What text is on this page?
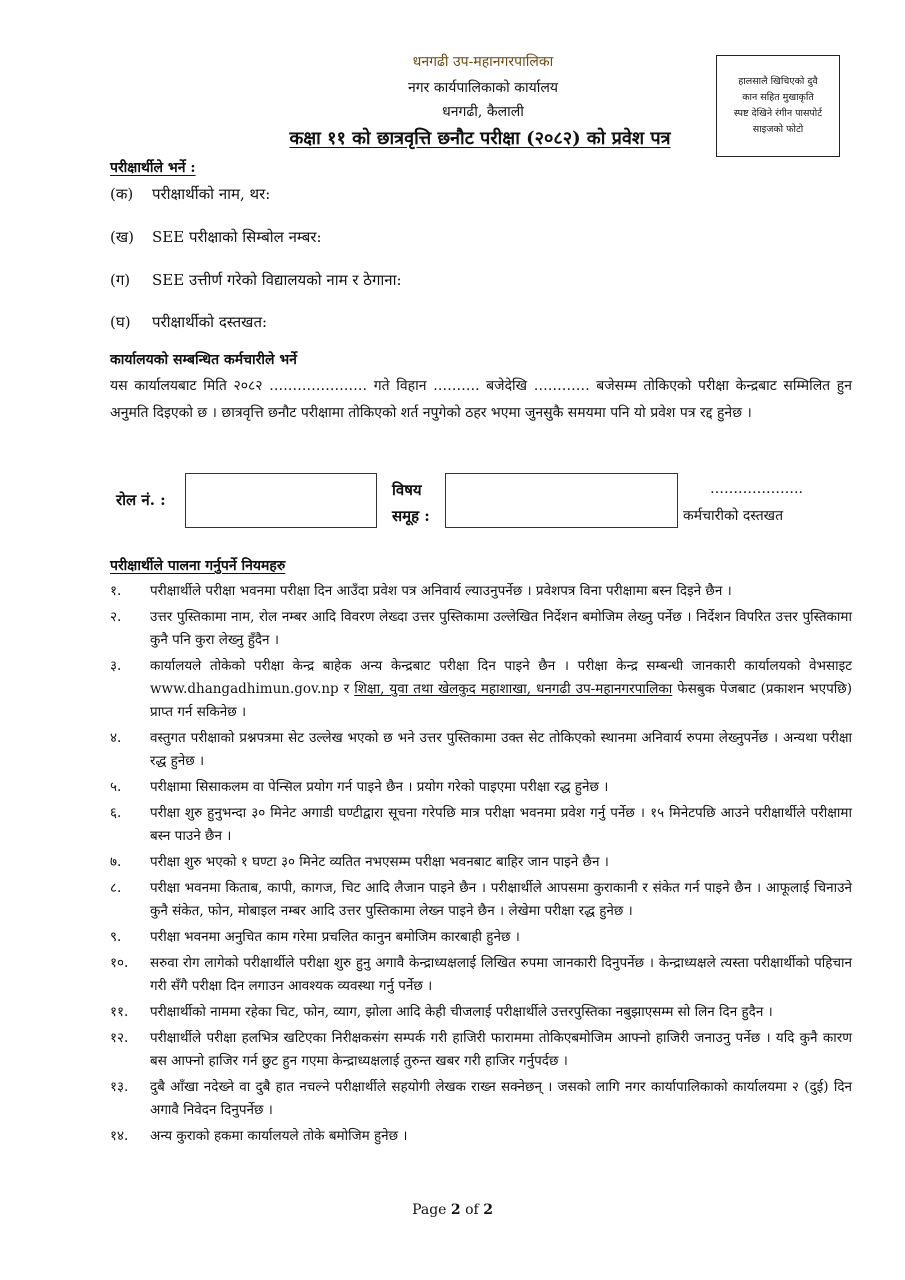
धनगढी उप-महानगरपालिका
नगर कार्यपालिकाको कार्यालय
धनगढी, कैलाली
कक्षा ११ को छात्रवृत्ति छनौट परीक्षा (२०८२) को प्रवेश पत्र
हालसालै खिचिएको दुवै
कान सहित मुखाकृति
स्पष्ट देखिने रंगीन पासपोर्ट
साइजको फोटो
परीक्षार्थीले भर्ने :
(क) परीक्षार्थीको नाम, थर:
(ख) SEE परीक्षाको सिम्बोल नम्बर:
(ग) SEE उत्तीर्ण गरेको विद्यालयको नाम र ठेगाना:
(घ) परीक्षार्थीको दस्तखत:
कार्यालयको सम्बन्धित कर्मचारीले भर्ने
यस कार्यालयबाट मिति २०८२ ………………… गते विहान ………. बजेदेखि ………… बजेसम्म तोकिएको परीक्षा केन्द्रबाट सम्मिलित हुन अनुमति दिइएको छ । छात्रवृत्ति छनौट परीक्षामा तोकिएको शर्त नपुगेको ठहर भएमा जुनसुकै समयमा पनि यो प्रवेश पत्र रद्द हुनेछ ।
रोल नं. :
विषय
समूह :
………………..
कर्मचारीको दस्तखत
परीक्षार्थीले पालना गर्नुपर्ने नियमहरु
१.	परीक्षार्थीले परीक्षा भवनमा परीक्षा दिन आउँदा प्रवेश पत्र अनिवार्य ल्याउनुपर्नेछ । प्रवेशपत्र विना परीक्षामा बस्न दिइने छैन ।
२.	उत्तर पुस्तिकामा नाम, रोल नम्बर आदि विवरण लेख्दा उत्तर पुस्तिकामा उल्लेखित निर्देशन बमोजिम लेख्नु पर्नेछ । निर्देशन विपरित उत्तर पुस्तिकामा कुनै पनि कुरा लेख्नु हुँदैन ।
३.	कार्यालयले तोकेको परीक्षा केन्द्र बाहेक अन्य केन्द्रबाट परीक्षा दिन पाइने छैन । परीक्षा केन्द्र सम्बन्धी जानकारी कार्यालयको वेभसाइट www.dhangadhimun.gov.np र शिक्षा, युवा तथा खेलकुद महाशाखा, धनगढी उप-महानगरपालिका फेसबुक पेजबाट (प्रकाशन भएपछि) प्राप्त गर्न सकिनेछ ।
४.	वस्तुगत परीक्षाको प्रश्नपत्रमा सेट उल्लेख भएको छ भने उत्तर पुस्तिकामा उक्त सेट तोकिएको स्थानमा अनिवार्य रुपमा लेख्नुपर्नेछ । अन्यथा परीक्षा रद्ध हुनेछ ।
५.	परीक्षामा सिसाकलम वा पेन्सिल प्रयोग गर्न पाइने छैन । प्रयोग गरेको पाइएमा परीक्षा रद्ध हुनेछ ।
६.	परीक्षा शुरु हुनुभन्दा ३० मिनेट अगाडी घण्टीद्वारा सूचना गरेपछि मात्र परीक्षा भवनमा प्रवेश गर्नु पर्नेछ । १५ मिनेटपछि आउने परीक्षार्थीले परीक्षामा बस्न पाउने छैन ।
७.	परीक्षा शुरु भएको १ घण्टा ३० मिनेट व्यतित नभएसम्म परीक्षा भवनबाट बाहिर जान पाइने छैन ।
८.	परीक्षा भवनमा किताब, कापी, कागज, चिट आदि लैजान पाइने छैन । परीक्षार्थीले आपसमा कुराकानी र संकेत गर्न पाइने छैन । आफूलाई चिनाउने कुनै संकेत, फोन, मोबाइल नम्बर आदि उत्तर पुस्तिकामा लेख्न पाइने छैन । लेखेमा परीक्षा रद्ध हुनेछ ।
९.	परीक्षा भवनमा अनुचित काम गरेमा प्रचलित कानुन बमोजिम कारबाही हुनेछ ।
१०.	सरुवा रोग लागेको परीक्षार्थीले परीक्षा शुरु हुनु अगावै केन्द्राध्यक्षलाई लिखित रुपमा जानकारी दिनुपर्नेछ । केन्द्राध्यक्षले त्यस्ता परीक्षार्थीको पहिचान गरी सँगै परीक्षा दिन लगाउन आवश्यक व्यवस्था गर्नु पर्नेछ ।
११.	परीक्षार्थीको नाममा रहेका चिट, फोन, व्याग, झोला आदि केही चीजलाई परीक्षार्थीले उत्तरपुस्तिका नबुझाएसम्म सो लिन दिन हुदैन ।
१२.	परीक्षार्थीले परीक्षा हलभित्र खटिएका निरीक्षकसंग सम्पर्क गरी हाजिरी फाराममा तोकिएबमोजिम आफ्नो हाजिरी जनाउनु पर्नेछ । यदि कुनै कारण बस आफ्नो हाजिर गर्न छुट हुन गएमा केन्द्राध्यक्षलाई तुरुन्त खबर गरी हाजिर गर्नुपर्दछ ।
१३.	दुबै आँखा नदेख्ने वा दुबै हात नचल्ने परीक्षार्थीले सहयोगी लेखक राख्न सक्नेछन् । जसको लागि नगर कार्यापालिकाको कार्यालयमा २ (दुई) दिन अगावै निवेदन दिनुपर्नेछ ।
१४.	अन्य कुराको हकमा कार्यालयले तोके बमोजिम हुनेछ ।
Page 2 of 2
